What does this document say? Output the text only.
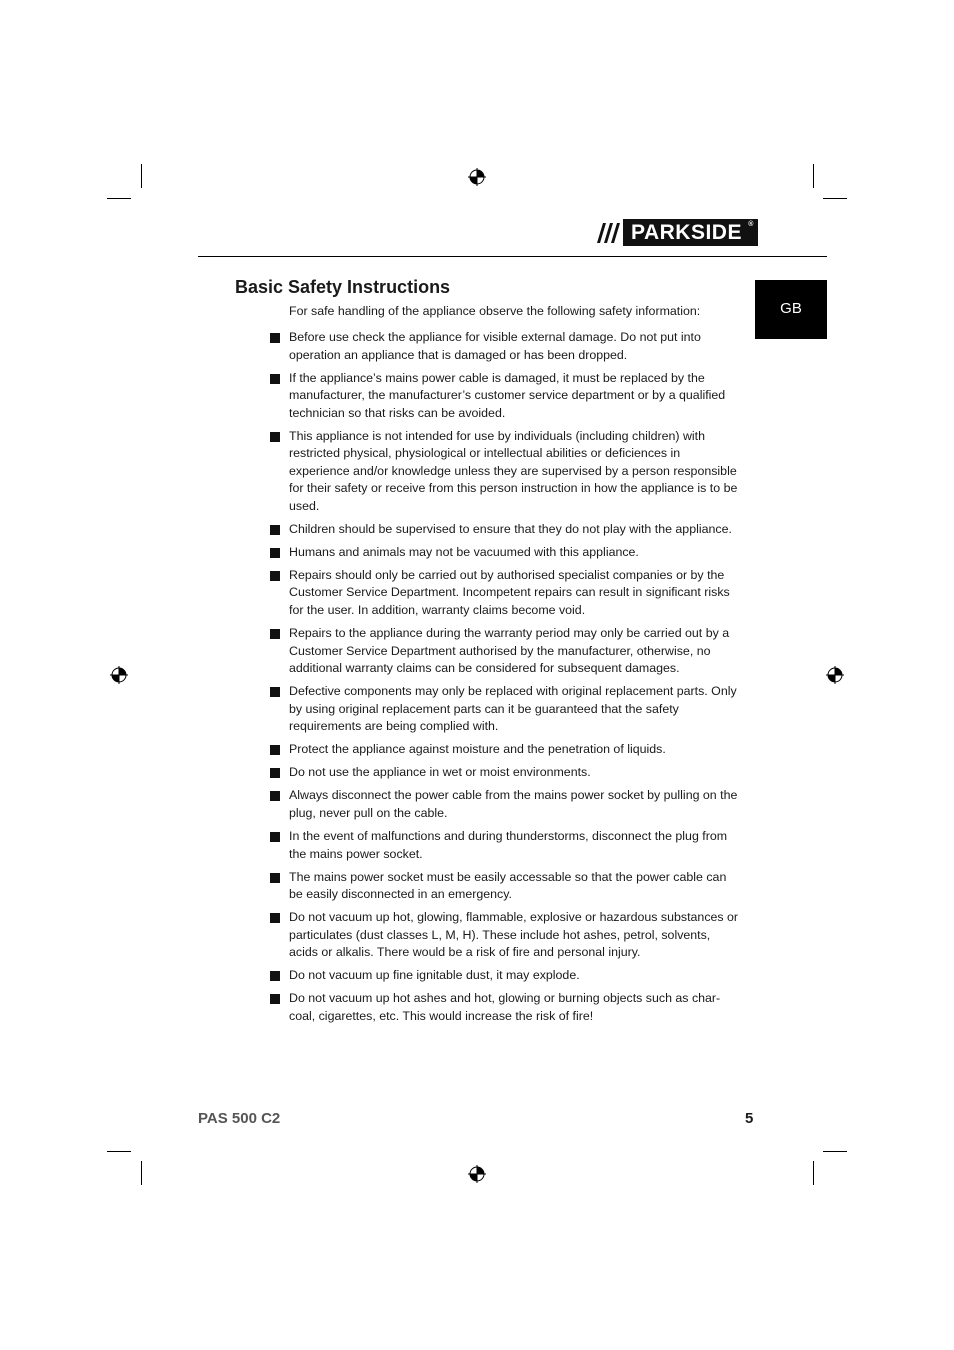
PARKSIDE ®
GB
Basic Safety Instructions

For safe handling of the appliance observe the following safety information:

Before use check the appliance for visible external damage. Do not put into operation an appliance that is damaged or has been dropped.
If the appliance’s mains power cable is damaged, it must be replaced by the manufacturer, the manufacturer’s customer service department or by a qualified technician so that risks can be avoided.
This appliance is not intended for use by individuals (including children) with restricted physical, physiological or intellectual abilities or deficiences in experience and/or knowledge unless they are supervised by a person responsible for their safety or receive from this person instruction in how the appliance is to be used.
Children should be supervised to ensure that they do not play with the appliance.
Humans and animals may not be vacuumed with this appliance.
Repairs should only be carried out by authorised specialist companies or by the Customer Service Department. Incompetent repairs can result in significant risks for the user. In addition, warranty claims become void.
Repairs to the appliance during the warranty period may only be carried out by a Customer Service Department authorised by the manufacturer, otherwise, no additional warranty claims can be considered for subsequent damages.
Defective components may only be replaced with original replacement parts. Only by using original replacement parts can it be guaranteed that the safety requirements are being complied with.
Protect the appliance against moisture and the penetration of liquids.
Do not use the appliance in wet or moist environments.
Always disconnect the power cable from the mains power socket by pulling on the plug, never pull on the cable.
In the event of malfunctions and during thunderstorms, disconnect the plug from the mains power socket.
The mains power socket must be easily accessable so that the power cable can be easily disconnected in an emergency.
Do not vacuum up hot, glowing, flammable, explosive or hazardous substances or particulates (dust classes L, M, H). These include hot ashes, petrol, solvents, acids or alkalis. There would be a risk of fire and personal injury.
Do not vacuum up fine ignitable dust, it may explode.
Do not vacuum up hot ashes and hot, glowing or burning objects such as char-coal, cigarettes, etc. This would increase the risk of fire!
PAS 500 C2	5
